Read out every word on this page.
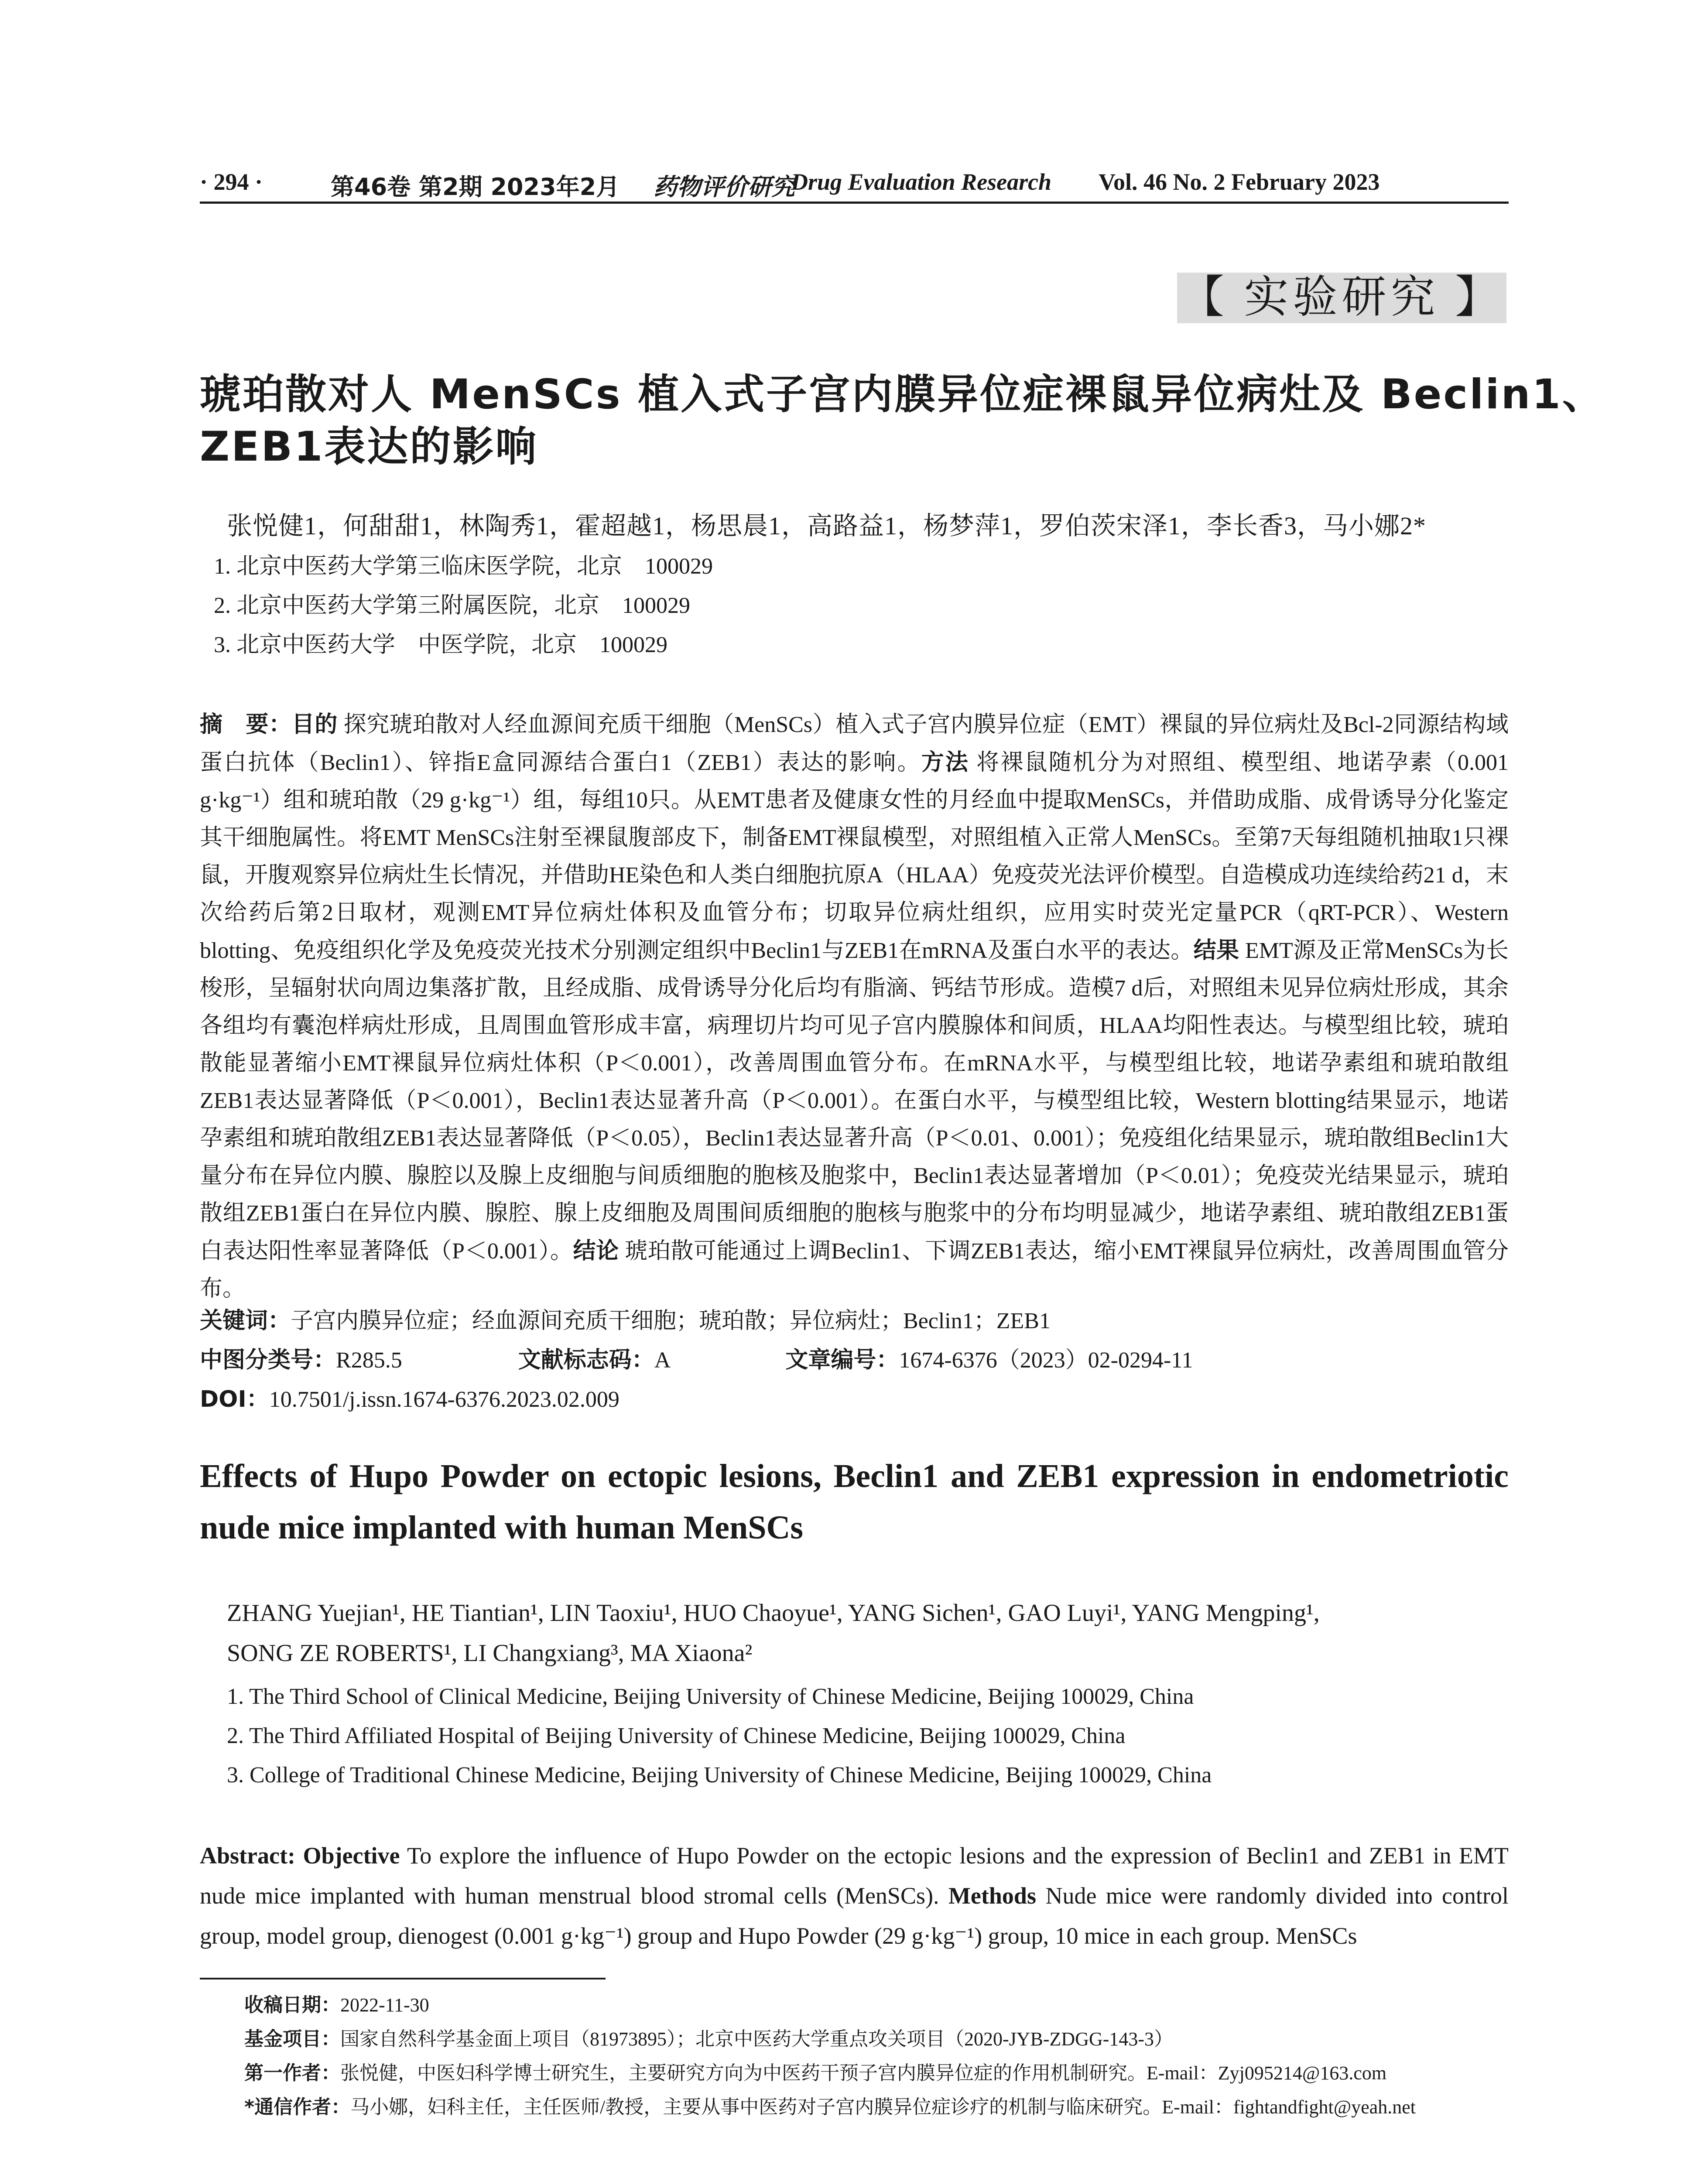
· 294 ·	第46卷 第2期 2023年2月 药物评价研究
Drug Evaluation Research Vol. 46 No. 2 February 2023
【 实验研究 】
琥珀散对人 MenSCs 植入式子宫内膜异位症裸鼠异位病灶及 Beclin1、
ZEB1表达的影响
张悦健1，何甜甜1，林陶秀1，霍超越1，杨思晨1，高路益1，杨梦萍1，罗伯茨宋泽1，李长香3，马小娜2*
1. 北京中医药大学第三临床医学院，北京　100029
2. 北京中医药大学第三附属医院，北京　100029
3. 北京中医药大学　中医学院，北京　100029
摘　要：目的 探究琥珀散对人经血源间充质干细胞（MenSCs）植入式子宫内膜异位症（EMT）裸鼠的异位病灶及Bcl-2同源结构域蛋白抗体（Beclin1）、锌指E盒同源结合蛋白1（ZEB1）表达的影响。方法 将裸鼠随机分为对照组、模型组、地诺孕素（0.001 g·kg⁻¹）组和琥珀散（29 g·kg⁻¹）组，每组10只。从EMT患者及健康女性的月经血中提取MenSCs，并借助成脂、成骨诱导分化鉴定其干细胞属性。将EMT MenSCs注射至裸鼠腹部皮下，制备EMT裸鼠模型，对照组植入正常人MenSCs。至第7天每组随机抽取1只裸鼠，开腹观察异位病灶生长情况，并借助HE染色和人类白细胞抗原A（HLAA）免疫荧光法评价模型。自造模成功连续给药21 d，末次给药后第2日取材，观测EMT异位病灶体积及血管分布；切取异位病灶组织，应用实时荧光定量PCR（qRT-PCR）、Western blotting、免疫组织化学及免疫荧光技术分别测定组织中Beclin1与ZEB1在mRNA及蛋白水平的表达。结果 EMT源及正常MenSCs为长梭形，呈辐射状向周边集落扩散，且经成脂、成骨诱导分化后均有脂滴、钙结节形成。造模7 d后，对照组未见异位病灶形成，其余各组均有囊泡样病灶形成，且周围血管形成丰富，病理切片均可见子宫内膜腺体和间质，HLAA均阳性表达。与模型组比较，琥珀散能显著缩小EMT裸鼠异位病灶体积（P＜0.001），改善周围血管分布。在mRNA水平，与模型组比较，地诺孕素组和琥珀散组ZEB1表达显著降低（P＜0.001），Beclin1表达显著升高（P＜0.001）。在蛋白水平，与模型组比较，Western blotting结果显示，地诺孕素组和琥珀散组ZEB1表达显著降低（P＜0.05），Beclin1表达显著升高（P＜0.01、0.001）；免疫组化结果显示，琥珀散组Beclin1大量分布在异位内膜、腺腔以及腺上皮细胞与间质细胞的胞核及胞浆中，Beclin1表达显著增加（P＜0.01）；免疫荧光结果显示，琥珀散组ZEB1蛋白在异位内膜、腺腔、腺上皮细胞及周围间质细胞的胞核与胞浆中的分布均明显减少，地诺孕素组、琥珀散组ZEB1蛋白表达阳性率显著降低（P＜0.001）。结论 琥珀散可能通过上调Beclin1、下调ZEB1表达，缩小EMT裸鼠异位病灶，改善周围血管分布。
关键词：子宫内膜异位症；经血源间充质干细胞；琥珀散；异位病灶；Beclin1；ZEB1
中图分类号：R285.5	文献标志码：A	文章编号：1674-6376（2023）02-0294-11
DOI：10.7501/j.issn.1674-6376.2023.02.009
Effects of Hupo Powder on ectopic lesions, Beclin1 and ZEB1 expression in endometriotic nude mice implanted with human MenSCs
ZHANG Yuejian¹, HE Tiantian¹, LIN Taoxiu¹, HUO Chaoyue¹, YANG Sichen¹, GAO Luyi¹, YANG Mengping¹,
SONG ZE ROBERTS¹, LI Changxiang³, MA Xiaona²
1. The Third School of Clinical Medicine, Beijing University of Chinese Medicine, Beijing 100029, China
2. The Third Affiliated Hospital of Beijing University of Chinese Medicine, Beijing 100029, China
3. College of Traditional Chinese Medicine, Beijing University of Chinese Medicine, Beijing 100029, China
Abstract: Objective To explore the influence of Hupo Powder on the ectopic lesions and the expression of Beclin1 and ZEB1 in EMT nude mice implanted with human menstrual blood stromal cells (MenSCs). Methods Nude mice were randomly divided into control group, model group, dienogest (0.001 g·kg⁻¹) group and Hupo Powder (29 g·kg⁻¹) group, 10 mice in each group. MenSCs
收稿日期：2022-11-30
基金项目：国家自然科学基金面上项目（81973895）；北京中医药大学重点攻关项目（2020-JYB-ZDGG-143-3）
第一作者：张悦健，中医妇科学博士研究生，主要研究方向为中医药干预子宫内膜异位症的作用机制研究。E-mail：Zyj095214@163.com
*通信作者：马小娜，妇科主任，主任医师/教授，主要从事中医药对子宫内膜异位症诊疗的机制与临床研究。E-mail：fightandfight@yeah.net
